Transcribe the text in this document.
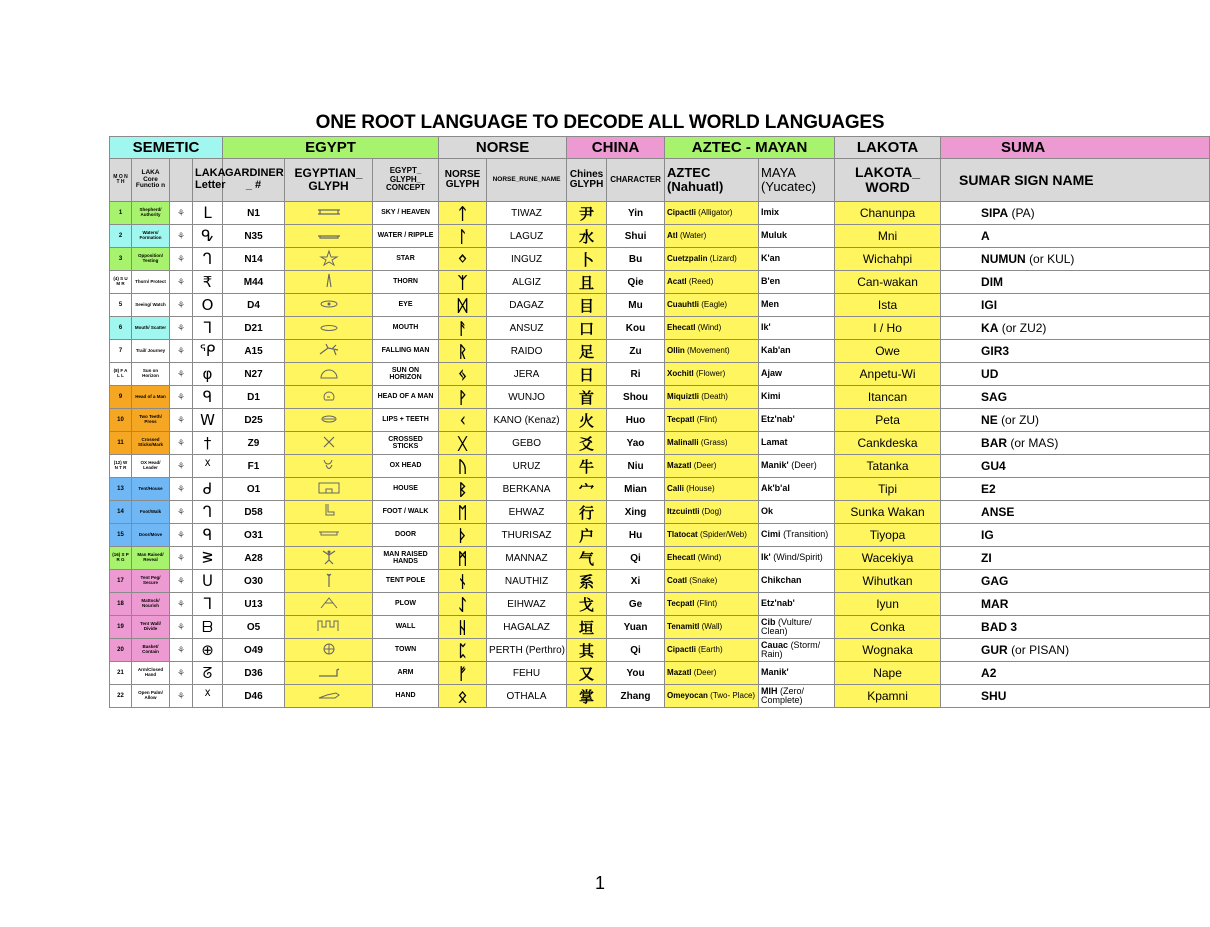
ONE ROOT LANGUAGE TO DECODE ALL WORLD LANGUAGES
SEMETIC				EGYPT			NORSE		CHINA		AZTEC - MAYAN		LAKOTA	SUMA
M O N T H	LAKA Core Functio n		LAKA Letter	GARDINER _ #	EGYPTIAN_ GLYPH	EGYPT_ GLYPH_ CONCEPT	NORSE GLYPH	NORSE_RUNE_NAME	Chines GLYPH	CHARACTER	AZTEC (Nahuatl)	MAYA (Yucatec)	LAKOTA_ WORD	SUMAR SIGN NAME
1	Shepherd/ Authority	⚘	ᒪ	N1		SKY / HEAVEN	ᛏ	TIWAZ	尹	Yin	Cipactli (Alligator)	Imix	Chanunpa	SIPA (PA)
2	Waters/ Formation	⚘	ᕴ	N35		WATER / RIPPLE	ᛚ	LAGUZ	水	Shui	Atl (Water)	Muluk	Mni	A
3	Opposition/ Testing	⚘	ᒉ	N14		STAR	ᛜ	INGUZ	卜	Bu	Cuetzpalin (Lizard)	K'an	Wichahpi	NUMUN (or KUL)
(4) S U M R	Thorn/ Protect	⚘	₹	M44		THORN	ᛉ	ALGIZ	且	Qie	Acatl (Reed)	B'en	Can-wakan	DIM
5	Seeing/ Watch	⚘	O	D4		EYE	ᛞ	DAGAZ	目	Mu	Cuauhtli (Eagle)	Men	Ista	IGI
6	Mouth/ Scatter	⚘	ᒣ	D21		MOUTH	ᚨ	ANSUZ	口	Kou	Ehecatl (Wind)	Ik'	I / Ho	KA (or ZU2)
7	Trail/ Journey	⚘	ᕿ	A15		FALLING MAN	ᚱ	RAIDO	足	Zu	Ollin (Movement)	Kab'an	Owe	GIR3
(8) F A L L	Sun on Horizon	⚘	φ	N27		SUN ON HORIZON	ᛃ	JERA	日	Ri	Xochitl (Flower)	Ajaw	Anpetu-Wi	UD
9	Head of a Man	⚘	ᑫ	D1		HEAD OF A MAN	ᚹ	WUNJO	首	Shou	Miquiztli (Death)	Kimi	Itancan	SAG
10	Two Teeth/ Press	⚘	W	D25		LIPS + TEETH	ᚲ	KANO (Kenaz)	火	Huo	Tecpatl (Flint)	Etz'nab'	Peta	NE (or ZU)
11	Crossed Sticks/Mark	⚘	†	Z9		CROSSED STICKS	ᚷ	GEBO	爻	Yao	Malinalli (Grass)	Lamat	Cankdeska	BAR (or MAS)
(12) W N T R	OX Head/ Leader	⚘	ᕁ	F1		OX HEAD	ᚢ	URUZ	牛	Niu	Mazatl (Deer)	Manik' (Deer)	Tatanka	GU4
13	Tent/House	⚘	ᑯ	O1		HOUSE	ᛒ	BERKANA	宀	Mian	Calli (House)	Ak'b'al	Tipi	E2
14	Foot/Walk	⚘	ᒉ	D58		FOOT / WALK	ᛖ	EHWAZ	行	Xing	Itzcuintli (Dog)	Ok	Sunka Wakan	ANSE
15	Door/Move	⚘	ᑫ	O31		DOOR	ᚦ	THURISAZ	户	Hu	Tlatocat (Spider/Web)	Cimi (Transition)	Tiyopa	IG
(16) S P R G	Man Raised/ Reveal	⚘	ᕒ	A28		MAN RAISED HANDS	ᛗ	MANNAZ	气	Qi	Ehecatl (Wind)	Ik' (Wind/Spirit)	Wacekiya	ZI
17	Tent Peg/ Secure	⚘	ᑌ	O30		TENT POLE	ᚾ	NAUTHIZ	系	Xi	Coatl (Snake)	Chikchan	Wihutkan	GAG
18	Mattock/ Nourish	⚘	ᒣ	U13		PLOW	ᛇ	EIHWAZ	戈	Ge	Tecpatl (Flint)	Etz'nab'	Iyun	MAR
19	Tent Wall/ Divide	⚘	ᗷ	O5		WALL	ᚺ	HAGALAZ	垣	Yuan	Tenamitl (Wall)	Cib (Vulture/ Clean)	Conka	BAD 3
20	Basket/ Contain	⚘	⊕	O49		TOWN	ᛈ	PERTH (Perthro)	其	Qi	Cipactli (Earth)	Cauac (Storm/ Rain)	Wognaka	GUR (or PISAN)
21	Arm/Closed Hand	⚘	ᘔ	D36		ARM	ᚠ	FEHU	又	You	Mazatl (Deer)	Manik'	Nape	A2
22	Open Palm/ Allow	⚘	ᕁ	D46		HAND	ᛟ	OTHALA	掌	Zhang	Omeyocan (Two- Place)	MIH (Zero/ Complete)	Kpamni	SHU
1
